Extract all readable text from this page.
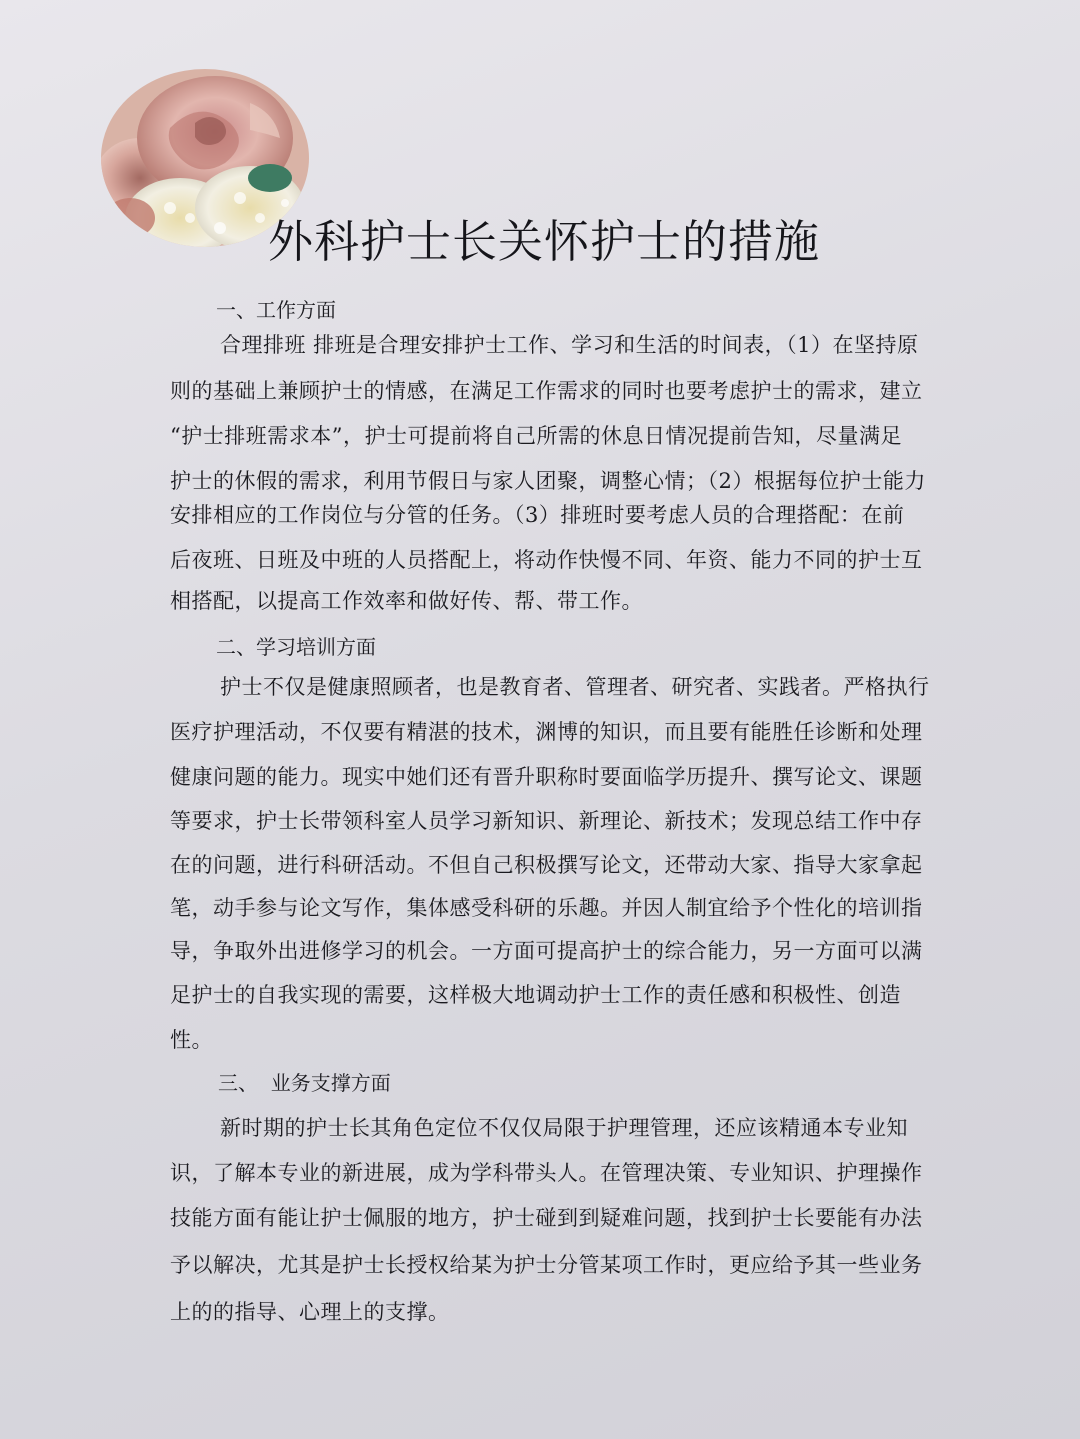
外科护士长关怀护士的措施
一、工作方面
合理排班 排班是合理安排护士工作、学习和生活的时间表，（1）在坚持原
则的基础上兼顾护士的情感，在满足工作需求的同时也要考虑护士的需求，建立
“护士排班需求本”，护士可提前将自己所需的休息日情况提前告知，尽量满足
护士的休假的需求，利用节假日与家人团聚，调整心情；（2）根据每位护士能力
安排相应的工作岗位与分管的任务。（3）排班时要考虑人员的合理搭配：在前
后夜班、日班及中班的人员搭配上，将动作快慢不同、年资、能力不同的护士互
相搭配，以提高工作效率和做好传、帮、带工作。
二、学习培训方面
护士不仅是健康照顾者，也是教育者、管理者、研究者、实践者。严格执行
医疗护理活动，不仅要有精湛的技术，渊博的知识，而且要有能胜任诊断和处理
健康问题的能力。现实中她们还有晋升职称时要面临学历提升、撰写论文、课题
等要求，护士长带领科室人员学习新知识、新理论、新技术；发现总结工作中存
在的问题，进行科研活动。不但自己积极撰写论文，还带动大家、指导大家拿起
笔，动手参与论文写作，集体感受科研的乐趣。并因人制宜给予个性化的培训指
导，争取外出进修学习的机会。一方面可提高护士的综合能力，另一方面可以满
足护士的自我实现的需要，这样极大地调动护士工作的责任感和积极性、创造
性。
三、  业务支撑方面
新时期的护士长其角色定位不仅仅局限于护理管理，还应该精通本专业知
识，了解本专业的新进展，成为学科带头人。在管理决策、专业知识、护理操作
技能方面有能让护士佩服的地方，护士碰到到疑难问题，找到护士长要能有办法
予以解决，尤其是护士长授权给某为护士分管某项工作时，更应给予其一些业务
上的的指导、心理上的支撑。
